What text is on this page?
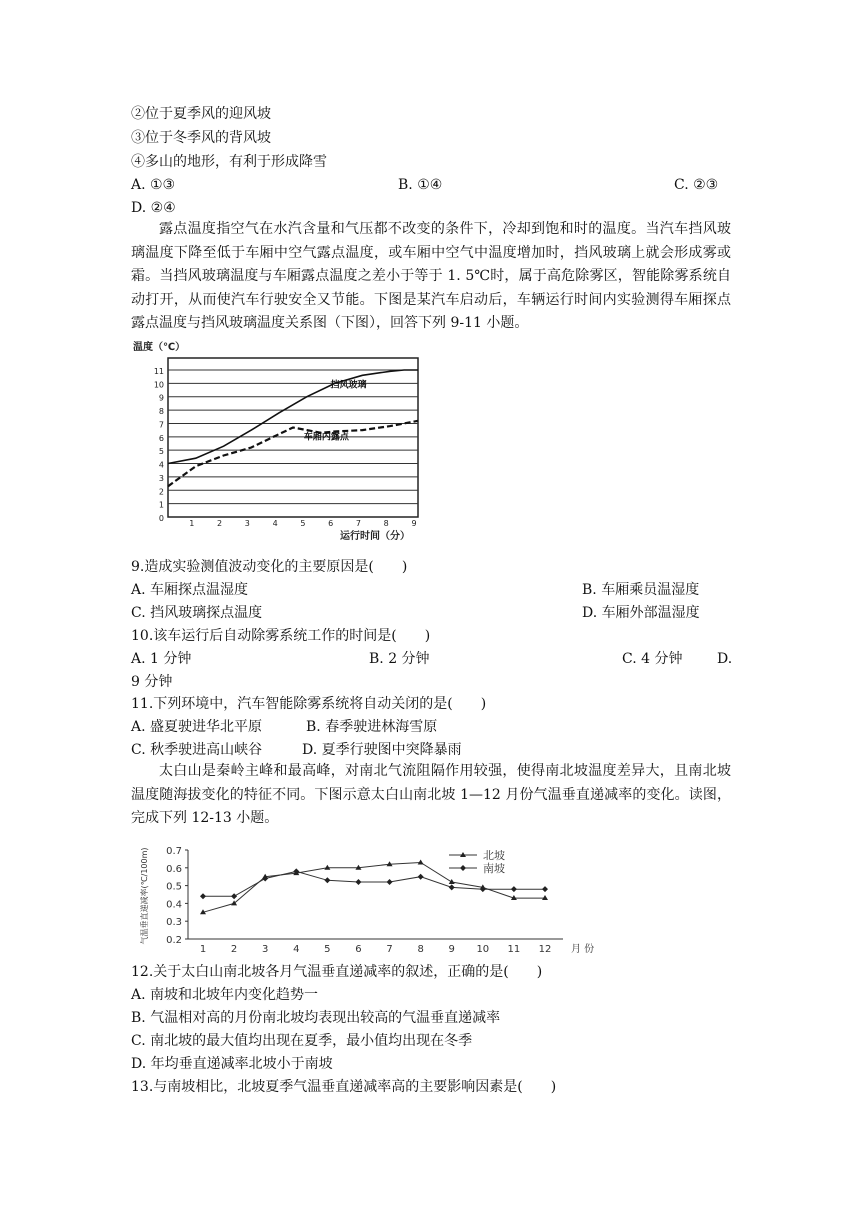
②位于夏季风的迎风坡
③位于冬季风的背风坡
④多山的地形，有利于形成降雪
A. ①③	B. ①④	C. ②③
D. ②④
露点温度指空气在水汽含量和气压都不改变的条件下，冷却到饱和时的温度。当汽车挡风玻璃温度下降至低于车厢中空气露点温度，或车厢中空气中温度增加时，挡风玻璃上就会形成雾或霜。当挡风玻璃温度与车厢露点温度之差小于等于 1. 5℃时，属于高危除雾区，智能除雾系统自动打开，从而使汽车行驶安全又节能。下图是某汽车启动后，车辆运行时间内实验测得车厢探点露点温度与挡风玻璃温度关系图（下图），回答下列 9-11 小题。
0
1
2
3
4
5
6
7
8
9
10
11
1	2	3	4	5	6	7	8	9
温度（℃）
运行时间（分）
挡风玻璃
车厢内露点
9.造成实验测值波动变化的主要原因是(　　)
A. 车厢探点温湿度	B. 车厢乘员温湿度
C. 挡风玻璃探点温度	D. 车厢外部温湿度
10.该车运行后自动除雾系统工作的时间是(　　)
A. 1 分钟	B. 2 分钟	C. 4 分钟 D.
9 分钟
11.下列环境中，汽车智能除雾系统将自动关闭的是(　　)
A. 盛夏驶进华北平原	B. 春季驶进林海雪原
C. 秋季驶进高山峡谷	D. 夏季行驶图中突降暴雨
太白山是秦岭主峰和最高峰，对南北气流阻隔作用较强，使得南北坡温度差异大，且南北坡温度随海拔变化的特征不同。下图示意太白山南北坡 1—12 月份气温垂直递减率的变化。读图，完成下列 12-13 小题。
0.2
0.3
0.4
0.5
0.6
0.7
1 2 3 4 5 6 7 8 9 10 11 12 月 份
气温垂直递减率(℃/100m)	北坡
南坡
12.关于太白山南北坡各月气温垂直递减率的叙述，正确的是(　　)
A. 南坡和北坡年内变化趋势一
B. 气温相对高的月份南北坡均表现出较高的气温垂直递减率
C. 南北坡的最大值均出现在夏季，最小值均出现在冬季
D. 年均垂直递减率北坡小于南坡
13.与南坡相比，北坡夏季气温垂直递减率高的主要影响因素是(　　)
